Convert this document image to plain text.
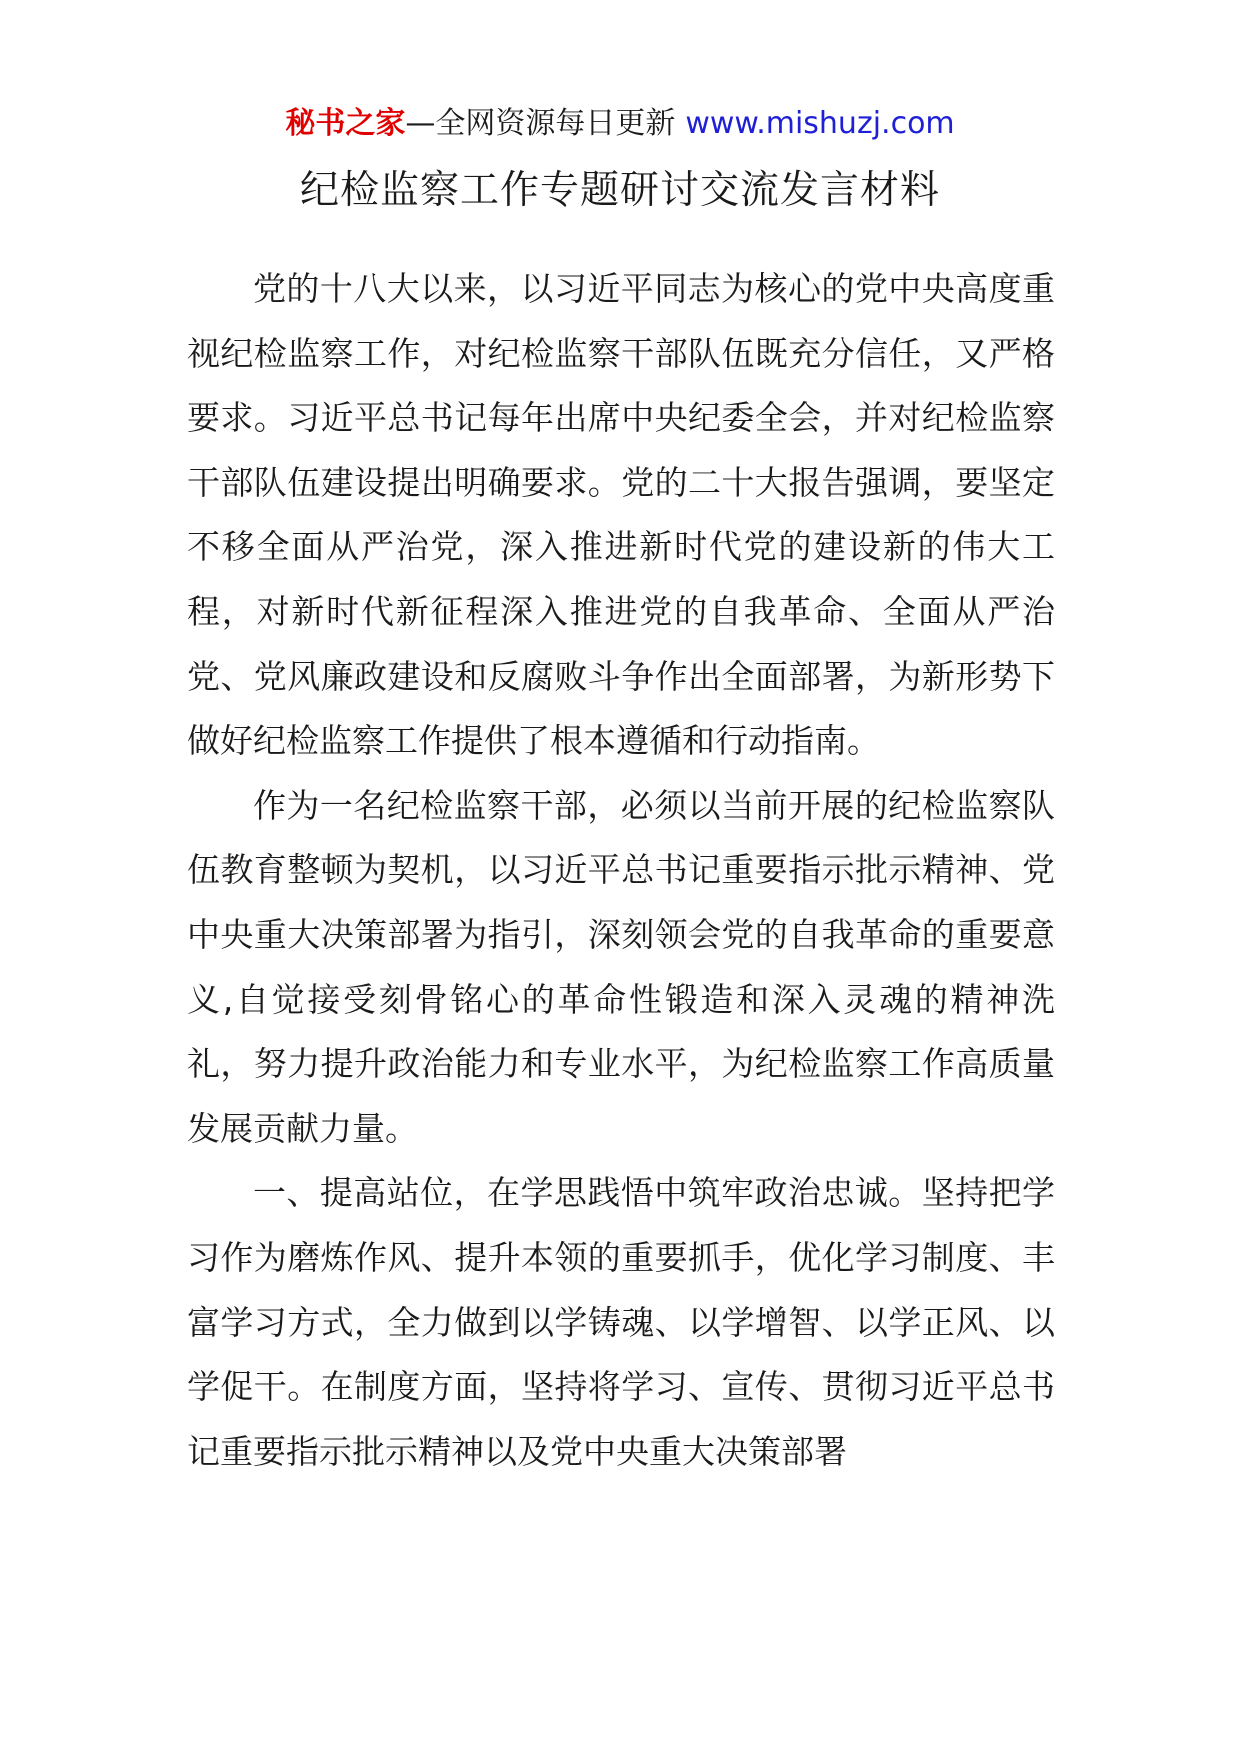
秘书之家—全网资源每日更新 www.mishuzj.com
纪检监察工作专题研讨交流发言材料

党的十八大以来，以习近平同志为核心的党中央高度重视纪检监察工作，对纪检监察干部队伍既充分信任，又严格要求。习近平总书记每年出席中央纪委全会，并对纪检监察干部队伍建设提出明确要求。党的二十大报告强调，要坚定不移全面从严治党，深入推进新时代党的建设新的伟大工程，对新时代新征程深入推进党的自我革命、全面从严治党、党风廉政建设和反腐败斗争作出全面部署，为新形势下做好纪检监察工作提供了根本遵循和行动指南。

作为一名纪检监察干部，必须以当前开展的纪检监察队伍教育整顿为契机，以习近平总书记重要指示批示精神、党中央重大决策部署为指引，深刻领会党的自我革命的重要意义,自觉接受刻骨铭心的革命性锻造和深入灵魂的精神洗礼，努力提升政治能力和专业水平，为纪检监察工作高质量发展贡献力量。

一、提高站位，在学思践悟中筑牢政治忠诚。坚持把学习作为磨炼作风、提升本领的重要抓手，优化学习制度、丰富学习方式，全力做到以学铸魂、以学增智、以学正风、以学促干。在制度方面，坚持将学习、宣传、贯彻习近平总书记重要指示批示精神以及党中央重大决策部署
